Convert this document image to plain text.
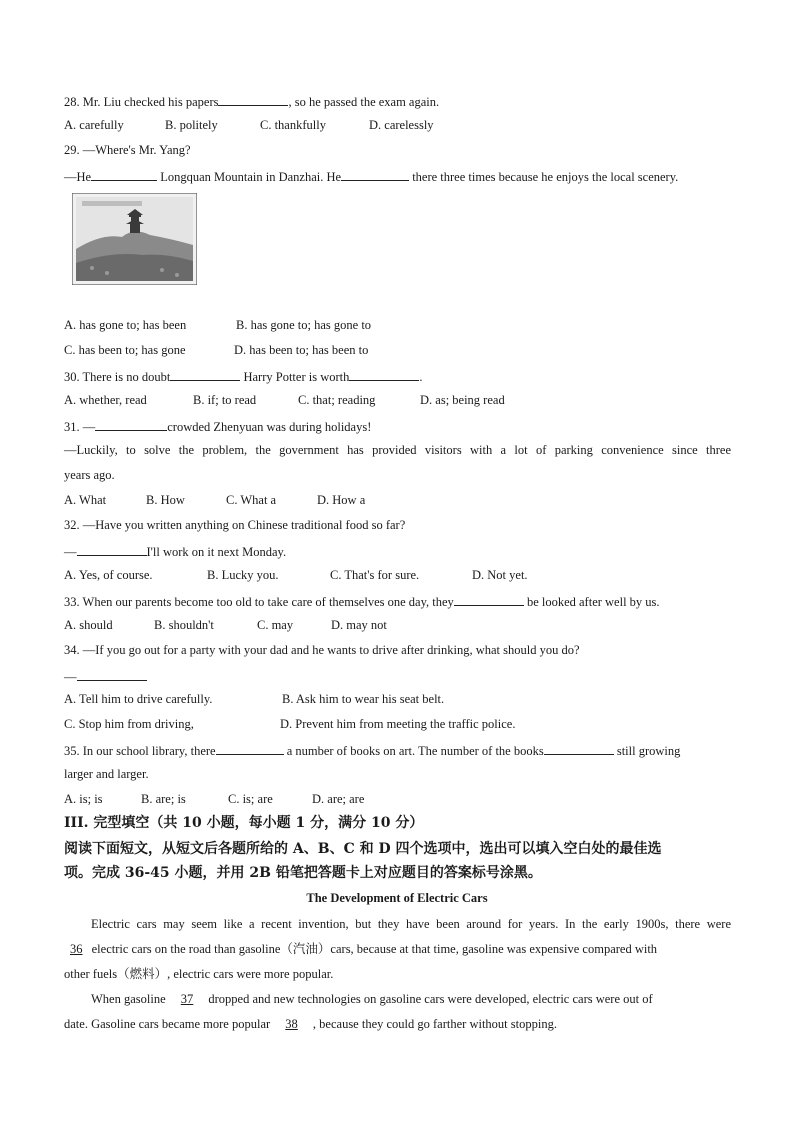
28. Mr. Liu checked his papers	, so he passed the exam again.
A. carefully	B. politely	C. thankfully	D. carelessly
29. —Where's Mr. Yang?
—He	Longquan Mountain in Danzhai. He	there three times because he enjoys the local scenery.
A. has gone to; has been	B. has gone to; has gone to
C. has been to; has gone	D. has been to; has been to
30. There is no doubt	Harry Potter is worth	.
A. whether, read	B. if; to read	C. that; reading	D. as; being read
31. —	crowded Zhenyuan was during holidays!
—Luckily, to solve the problem, the government has provided visitors with a lot of parking convenience since three
years ago.
A. What	B. How	C. What a	D. How a
32. —Have you written anything on Chinese traditional food so far?
—	I'll work on it next Monday.
A. Yes, of course.	B. Lucky you.	C. That's for sure.	D. Not yet.
33. When our parents become too old to take care of themselves one day, they	be looked after well by us.
A. should	B. shouldn't	C. may	D. may not
34. —If you go out for a party with your dad and he wants to drive after drinking, what should you do?
—
A. Tell him to drive carefully.	B. Ask him to wear his seat belt.
C. Stop him from driving,	D. Prevent him from meeting the traffic police.
35. In our school library, there	a number of books on art. The number of the books	still growing
larger and larger.
A. is; is	B. are; is	C. is; are	D. are; are
III. 完型填空（共 10 小题，每小题 1 分，满分 10 分）
阅读下面短文，从短文后各题所给的 A、B、C 和 D 四个选项中，选出可以填入空白处的最佳选
项。完成 36-45 小题，并用 2B 铅笔把答题卡上对应题目的答案标号涂黑。
The Development of Electric Cars
Electric cars may seem like a recent invention, but they have been around for years. In the early 1900s, there were
36 electric cars on the road than gasoline（汽油）cars, because at that time, gasoline was expensive compared with
other fuels（燃料）, electric cars were more popular.
When gasoline 37 dropped and new technologies on gasoline cars were developed, electric cars were out of
date. Gasoline cars became more popular 38 , because they could go farther without stopping.
